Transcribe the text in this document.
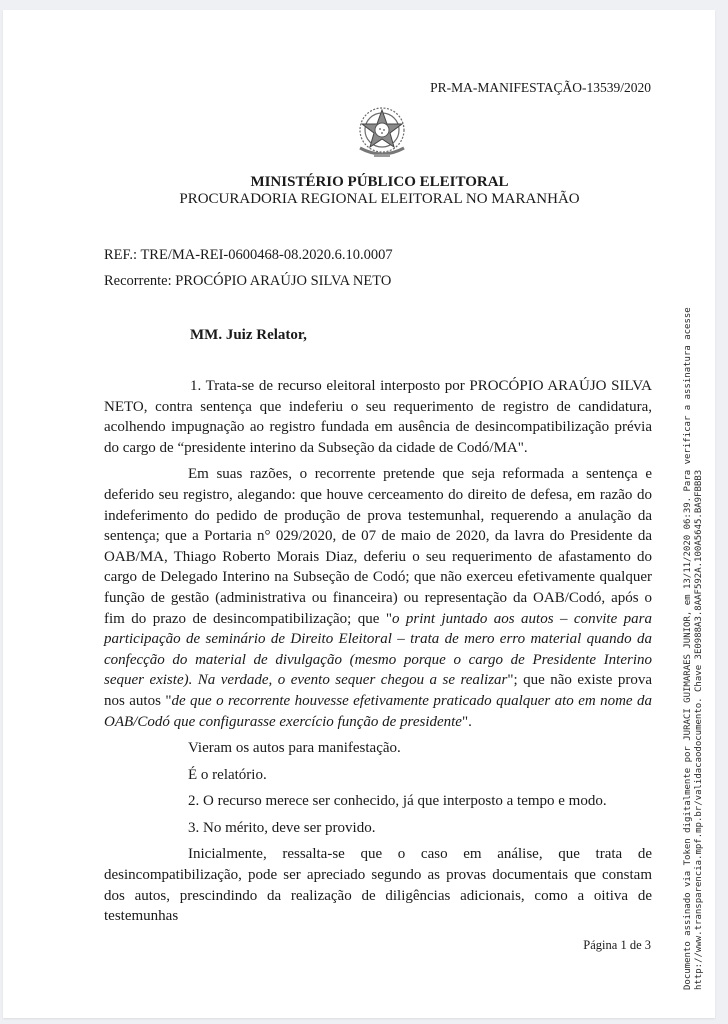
PR-MA-MANIFESTAÇÃO-13539/2020
MINISTÉRIO PÚBLICO ELEITORAL
PROCURADORIA REGIONAL ELEITORAL NO MARANHÃO
REF.: TRE/MA-REI-0600468-08.2020.6.10.0007
Recorrente: PROCÓPIO ARAÚJO SILVA NETO
MM. Juiz Relator,

1. Trata-se de recurso eleitoral interposto por PROCÓPIO ARAÚJO SILVA NETO, contra sentença que indeferiu o seu requerimento de registro de candidatura, acolhendo impugnação ao registro fundada em ausência de desincompatibilização prévia do cargo de “presidente interino da Subseção da cidade de Codó/MA".

Em suas razões, o recorrente pretende que seja reformada a sentença e deferido seu registro, alegando: que houve cerceamento do direito de defesa, em razão do indeferimento do pedido de produção de prova testemunhal, requerendo a anulação da sentença; que a Portaria n° 029/2020, de 07 de maio de 2020, da lavra do Presidente da OAB/MA, Thiago Roberto Morais Diaz, deferiu o seu requerimento de afastamento do cargo de Delegado Interino na Subseção de Codó; que não exerceu efetivamente qualquer função de gestão (administrativa ou financeira) ou representação da OAB/Codó, após o fim do prazo de desincompatibilização; que "o print juntado aos autos – convite para participação de seminário de Direito Eleitoral – trata de mero erro material quando da confecção do material de divulgação (mesmo porque o cargo de Presidente Interino sequer existe). Na verdade, o evento sequer chegou a se realizar"; que não existe prova nos autos "de que o recorrente houvesse efetivamente praticado qualquer ato em nome da OAB/Codó que configurasse exercício função de presidente".

Vieram os autos para manifestação.

É o relatório.

2. O recurso merece ser conhecido, já que interposto a tempo e modo.

3. No mérito, deve ser provido.

Inicialmente, ressalta-se que o caso em análise, que trata de desincompatibilização, pode ser apreciado segundo as provas documentais que constam dos autos, prescindindo da realização de diligências adicionais, como a oitiva de testemunhas

Página 1 de 3	Documento assinado via Token digitalmente por JURACI GUIMARAES JUNIOR, em 13/11/2020 06:39. Para verificar a assinatura acesse http://www.transparencia.mpf.mp.br/validacaodocumento. Chave 3E0988A3.8AAF592A.100A5645.BA9FBBB3
